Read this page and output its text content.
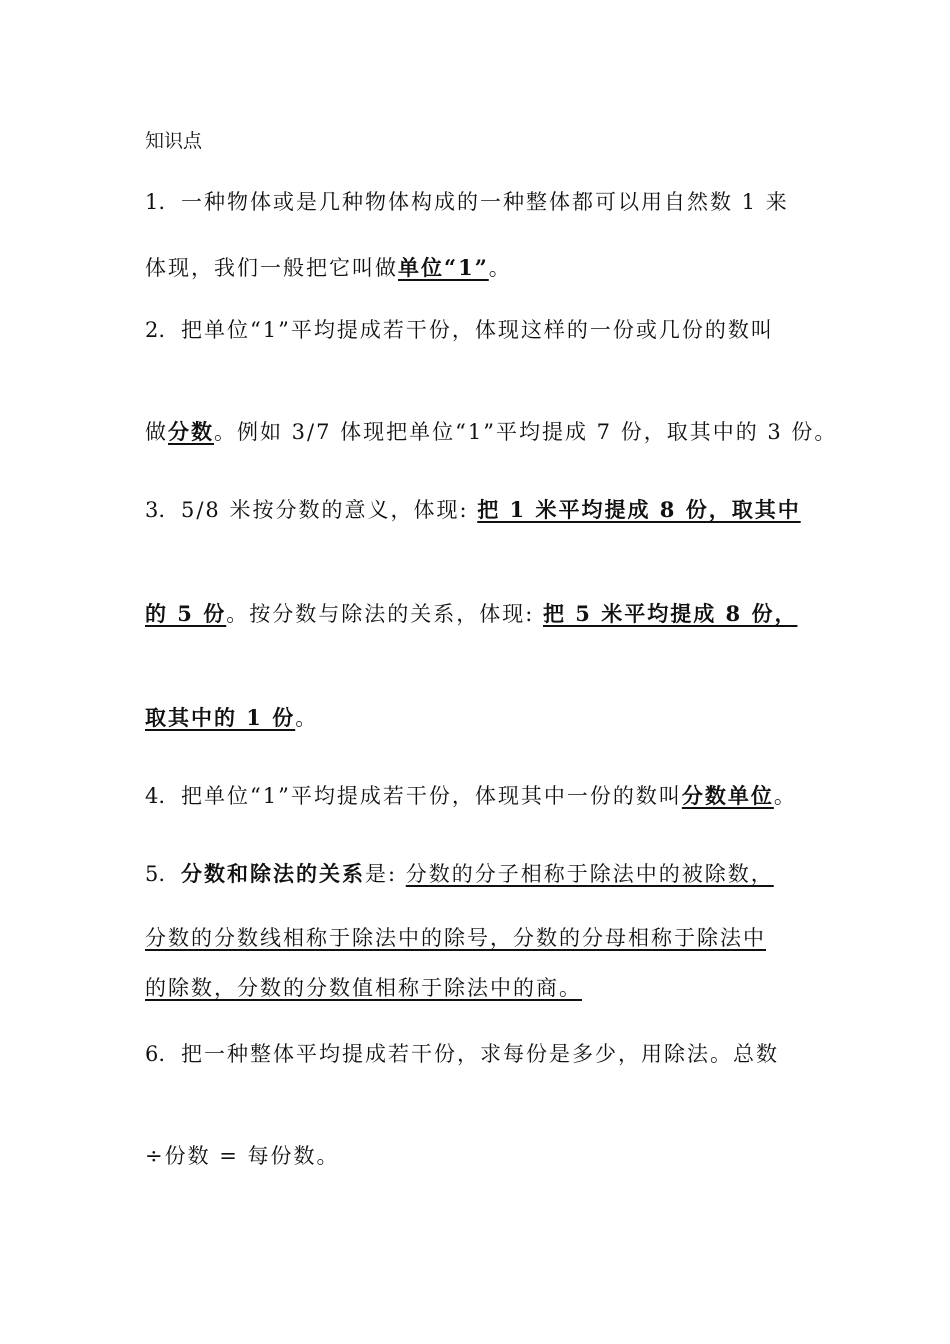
知识点
1. 一种物体或是几种物体构成的一种整体都可以用自然数 1 来
体现，我们一般把它叫做单位“1”。
2. 把单位“1”平均提成若干份，体现这样的一份或几份的数叫
做分数。例如 3/7 体现把单位“1”平均提成 7 份，取其中的 3 份。
3. 5/8 米按分数的意义，体现: 把 1 米平均提成 8 份，取其中
的 5 份。按分数与除法的关系，体现: 把 5 米平均提成 8 份，
取其中的 1 份。
4. 把单位“1”平均提成若干份，体现其中一份的数叫分数单位。
5. 分数和除法的关系是: 分数的分子相称于除法中的被除数，
分数的分数线相称于除法中的除号，分数的分母相称于除法中
的除数，分数的分数值相称于除法中的商。
6. 把一种整体平均提成若干份，求每份是多少，用除法。总数
÷份数 = 每份数。
